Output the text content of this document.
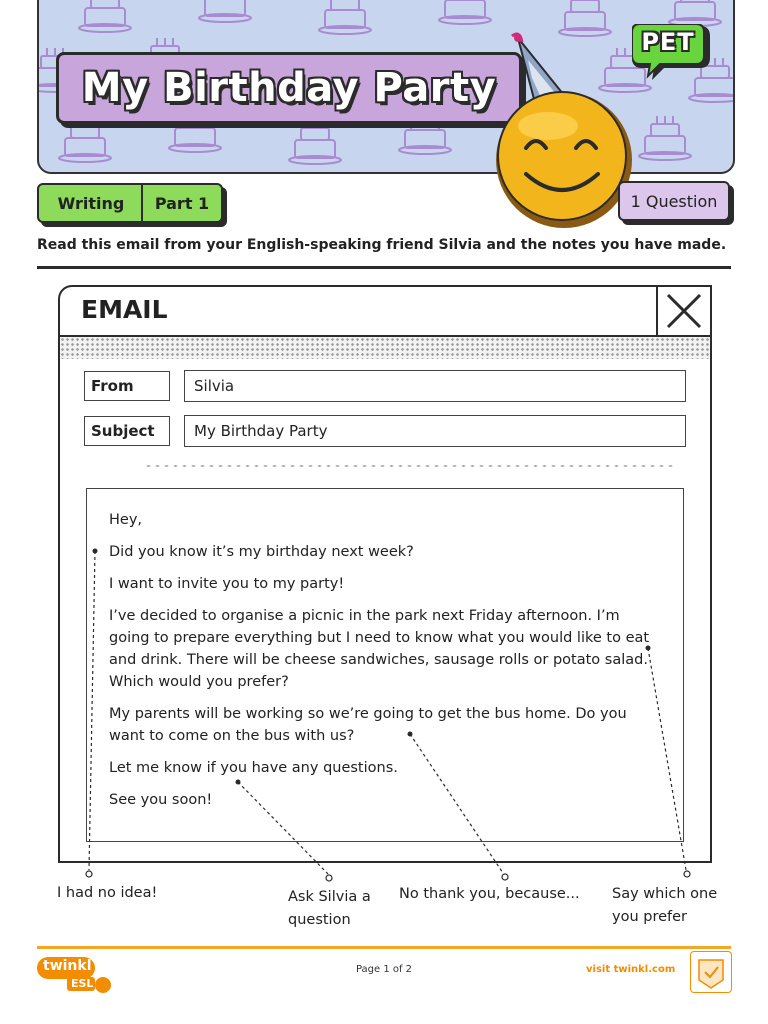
My Birthday Party
PET
Writing	Part 1	1 Question
Read this email from your English-speaking friend Silvia and the notes you have made.
EMAIL
From	Silvia
Subject	My Birthday Party

Hey,

Did you know it’s my birthday next week?

I want to invite you to my party!

I’ve decided to organise a picnic in the park next Friday afternoon. I’m going to prepare everything but I need to know what you would like to eat and drink. There will be cheese sandwiches, sausage rolls or potato salad. Which would you prefer?

My parents will be working so we’re going to get the bus home. Do you want to come on the bus with us?

Let me know if you have any questions.

See you soon!

I had no idea!	Ask Silvia a question
No thank you, because... Say which one you prefer
twinkl
ESL
Page 1 of 2	visit twinkl.com
